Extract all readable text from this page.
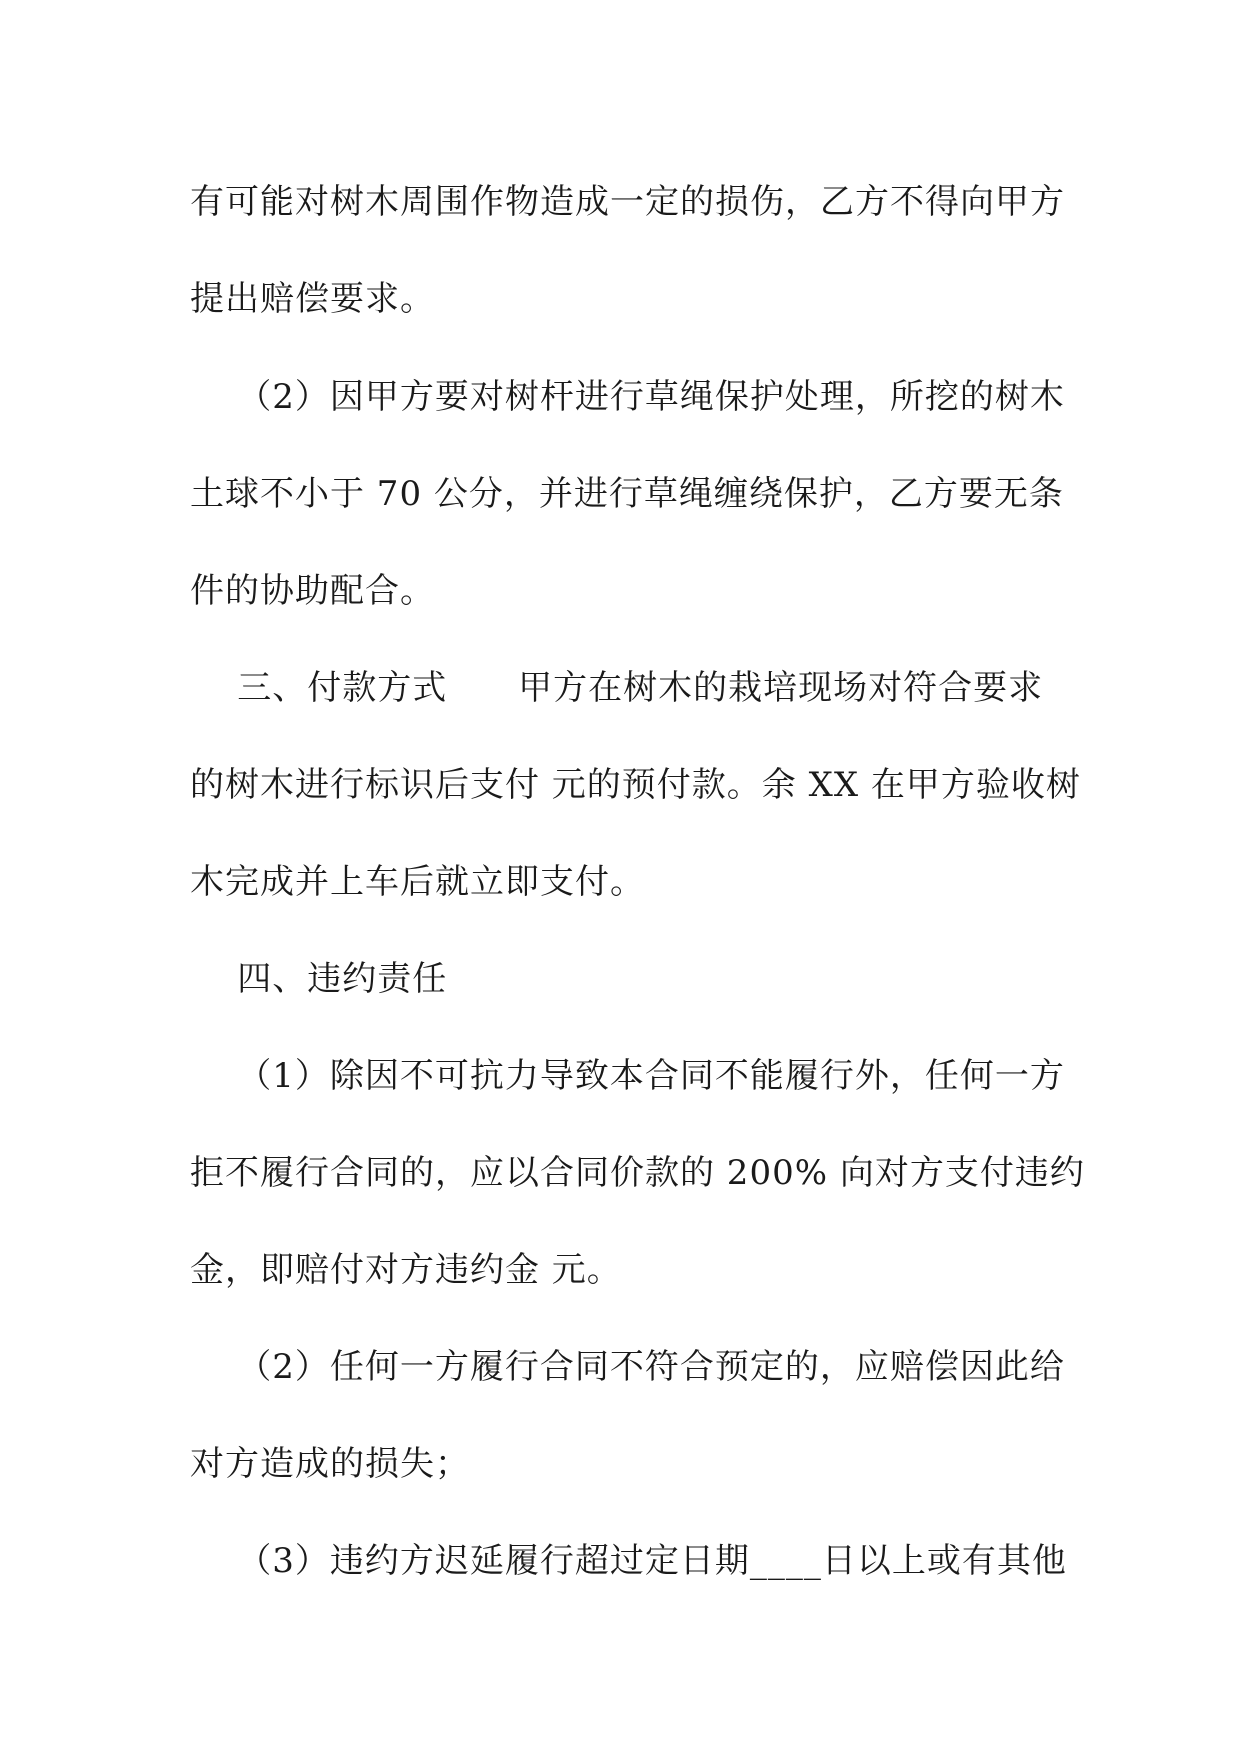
有可能对树木周围作物造成一定的损伤，乙方不得向甲方
提出赔偿要求。
（2）因甲方要对树杆进行草绳保护处理，所挖的树木
土球不小于 70 公分，并进行草绳缠绕保护，乙方要无条
件的协助配合。
三、付款方式      甲方在树木的栽培现场对符合要求
的树木进行标识后支付 元的预付款。余 XX 在甲方验收树
木完成并上车后就立即支付。
四、违约责任
（1）除因不可抗力导致本合同不能履行外，任何一方
拒不履行合同的，应以合同价款的 200% 向对方支付违约
金，即赔付对方违约金 元。
（2）任何一方履行合同不符合预定的，应赔偿因此给
对方造成的损失；
（3）违约方迟延履行超过定日期____日以上或有其他
